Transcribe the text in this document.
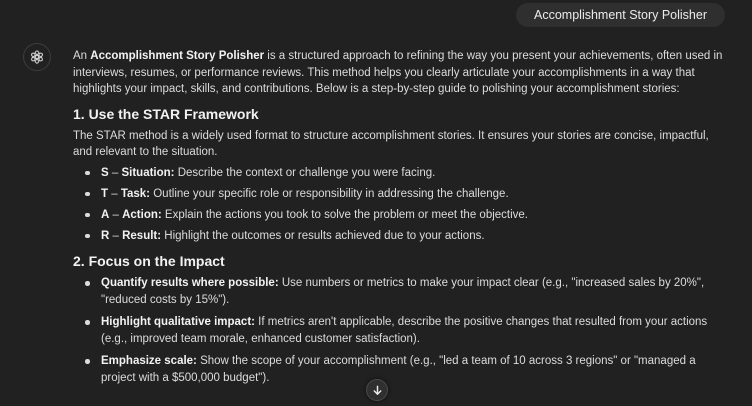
Accomplishment Story Polisher

An Accomplishment Story Polisher is a structured approach to refining the way you present your achievements, often used in interviews, resumes, or performance reviews. This method helps you clearly articulate your accomplishments in a way that highlights your impact, skills, and contributions. Below is a step-by-step guide to polishing your accomplishment stories:

1. Use the STAR Framework

The STAR method is a widely used format to structure accomplishment stories. It ensures your stories are concise, impactful, and relevant to the situation.

S – Situation: Describe the context or challenge you were facing.
T – Task: Outline your specific role or responsibility in addressing the challenge.
A – Action: Explain the actions you took to solve the problem or meet the objective.
R – Result: Highlight the outcomes or results achieved due to your actions.
2. Focus on the Impact
Quantify results where possible: Use numbers or metrics to make your impact clear (e.g., "increased sales by 20%", "reduced costs by 15%").
Highlight qualitative impact: If metrics aren't applicable, describe the positive changes that resulted from your actions (e.g., improved team morale, enhanced customer satisfaction).
Emphasize scale: Show the scope of your accomplishment (e.g., "led a team of 10 across 3 regions" or "managed a project with a $500,000 budget").
